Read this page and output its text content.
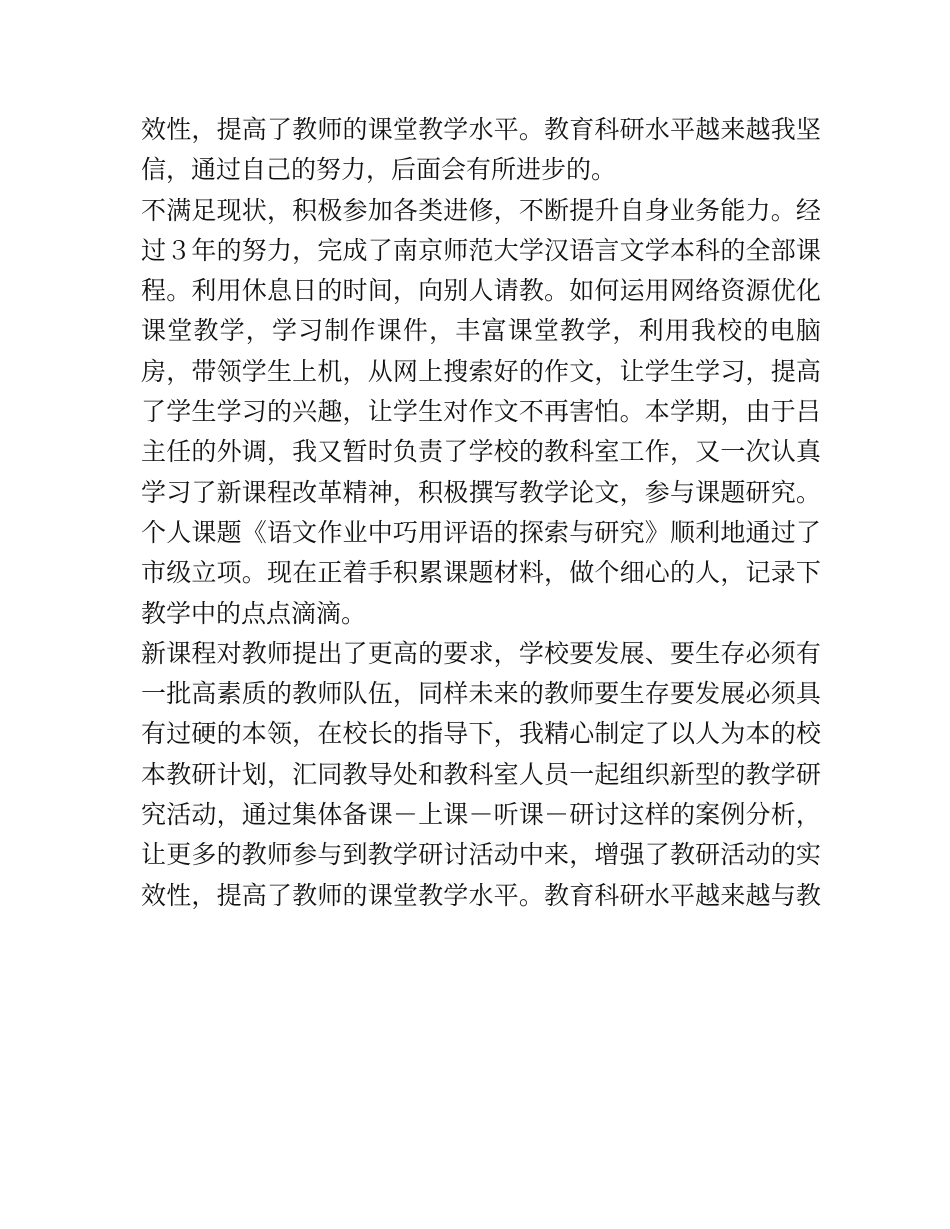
效 性 ， 提 高 了 教 师 的 课 堂 教 学 水 平 。 教 育 科 研 水 平 越 来 越 我 坚
信，通过自己的努力，后面会有所进步的。
不 满 足 现 状 ， 积 极 参 加 各 类 进 修 ， 不 断 提 升 自 身 业 务 能 力 。 经
过 ３ 年 的 努 力 ， 完 成 了 南 京 师 范 大 学 汉 语 言 文 学 本 科 的 全 部 课
程 。 利 用 休 息 日 的 时 间 ， 向 别 人 请 教 。 如 何 运 用 网 络 资 源 优 化
课 堂 教 学 ， 学 习 制 作 课 件 ， 丰 富 课 堂 教 学 ， 利 用 我 校 的 电 脑
房 ， 带 领 学 生 上 机 ， 从 网 上 搜 索 好 的 作 文 ， 让 学 生 学 习 ， 提 高
了 学 生 学 习 的 兴 趣 ， 让 学 生 对 作 文 不 再 害 怕 。 本 学 期 ， 由 于 吕
主 任 的 外 调 ， 我 又 暂 时 负 责 了 学 校 的 教 科 室 工 作 ， 又 一 次 认 真
学 习 了 新 课 程 改 革 精 神 ， 积 极 撰 写 教 学 论 文 ， 参 与 课 题 研 究 。
个 人 课 题 《 语 文 作 业 中 巧 用 评 语 的 探 索 与 研 究 》 顺 利 地 通 过 了
市 级 立 项 。 现 在 正 着 手 积 累 课 题 材 料 ， 做 个 细 心 的 人 ， 记 录 下
教学中的点点滴滴。
新 课 程 对 教 师 提 出 了 更 高 的 要 求 ， 学 校 要 发 展 、 要 生 存 必 须 有
一 批 高 素 质 的 教 师 队 伍 ， 同 样 未 来 的 教 师 要 生 存 要 发 展 必 须 具
有 过 硬 的 本 领 ， 在 校 长 的 指 导 下 ， 我 精 心 制 定 了 以 人 为 本 的 校
本 教 研 计 划 ， 汇 同 教 导 处 和 教 科 室 人 员 一 起 组 织 新 型 的 教 学 研
究 活 动 ， 通 过 集 体 备 课 － 上 课 － 听 课 － 研 讨 这 样 的 案 例 分 析 ，
让 更 多 的 教 师 参 与 到 教 学 研 讨 活 动 中 来 ， 增 强 了 教 研 活 动 的 实
效 性 ， 提 高 了 教 师 的 课 堂 教 学 水 平 。 教 育 科 研 水 平 越 来 越 与 教
